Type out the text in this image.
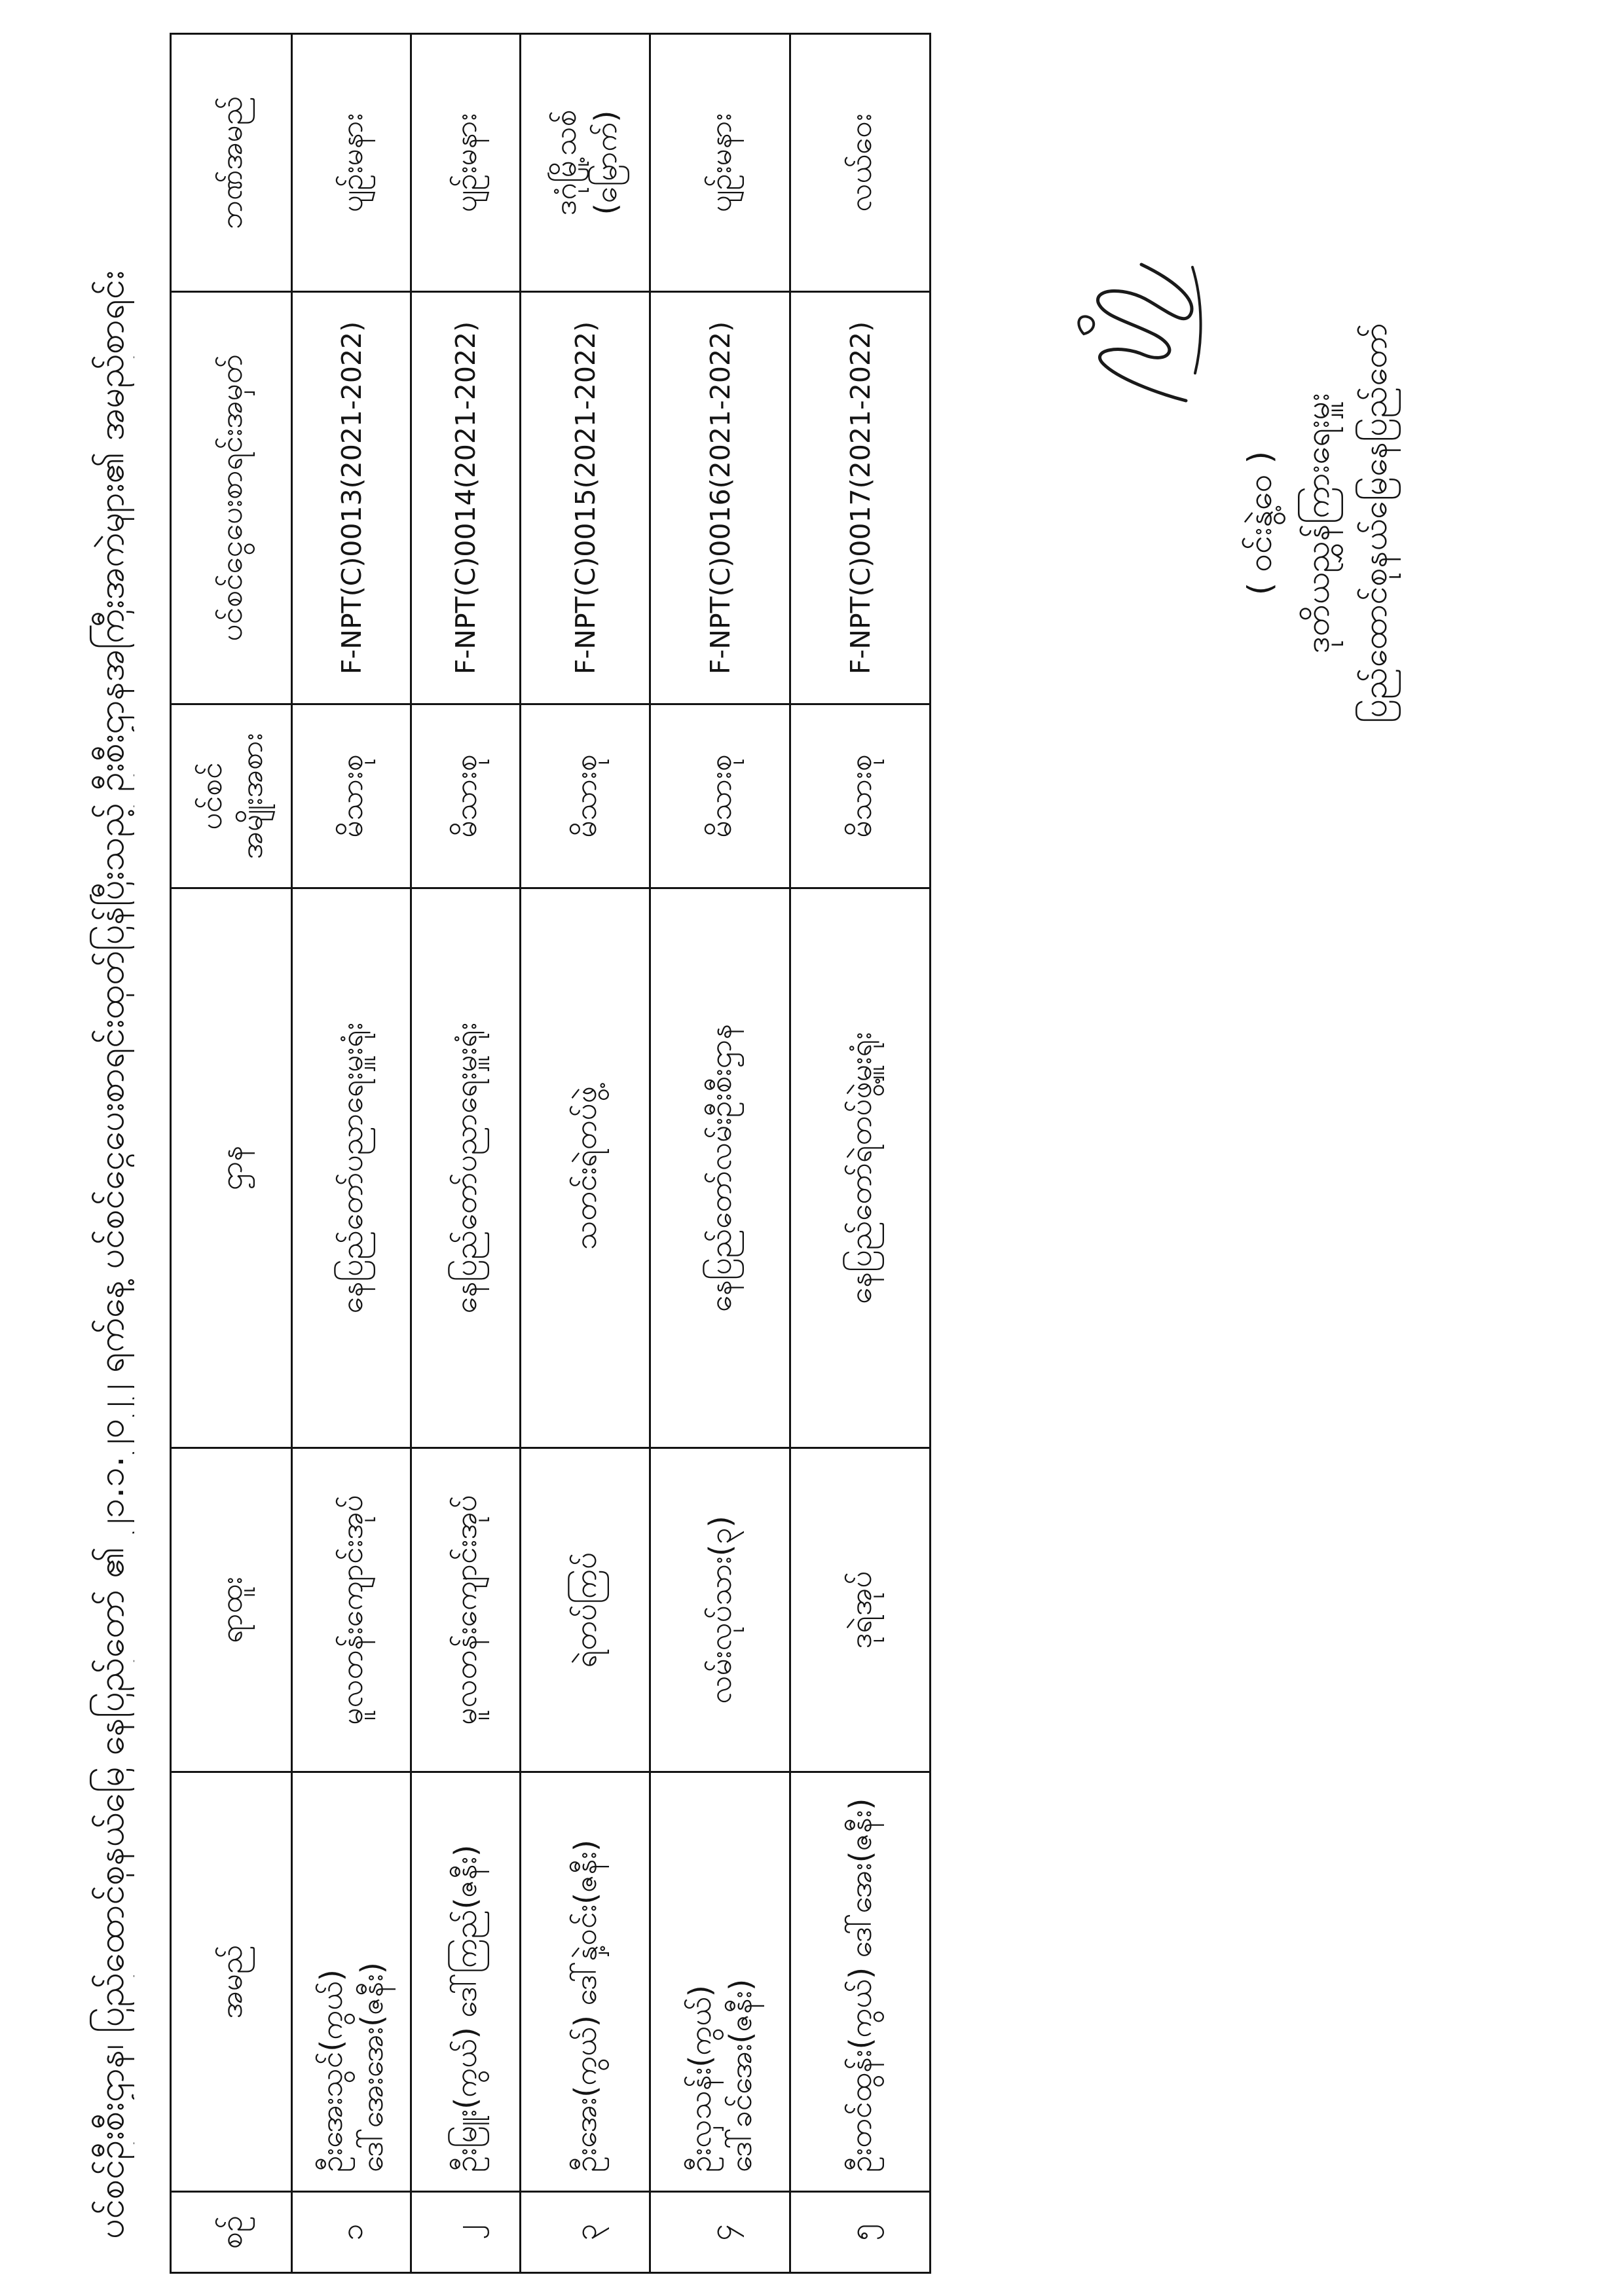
ပင်စင်ဦးစီးဌာန၊ ပြည်ထောင်စုနယ်မြေ နေပြည်တော် ၏ ၂၁.၁.၂၀၂၂ ရက်နေ့ ပင်စင်ငွေပေးစာရင်းထုတ်ပြန်ပြီးသည့် ဦးစီးဌာနအကြီးအကဲများ၏ အမည်စာရင်း	စဉ်	အမည်	ရာထူး	ဌာန	ပင်စင် အမျိုးအစား	ပင်စင်ငွေပေးစာရင်းအမှတ်	ဘဏ်အမည်
၁	ဦးအေးသွင်(ကွယ်) ဒေါ်အေးအေး(ဇနီး)	မူလတန်းကျောင်းအုပ်	နေပြည်တော်ပညာရေးမှူးရုံး	မိသားစု	F-NPT(C)0013(2021-2022)	ပျဉ်းမနား

၂	ဦးမြူး(ကွယ်) ဒေါ်ကြည်(ဇနီး)	မူလတန်းကျောင်းအုပ်	နေပြည်တော်ပညာရေးမှူးရုံး	မိသားစု	F-NPT(C)0014(2021-2022)	ပျဉ်းမနား

၃	ဦးအေး(ကွယ်) ဒေါ်နှဲ့ဝင်း(ဇနီး)	ရဲတပ်ကြပ်	သတင်းရဲတပ်ဖွဲ့	မိသားစု	F-NPT(C)0015(2021-2022)	ဒဂုံမြို့သစ် (မြောက်)

၄	ဦးလှသန်း(ကွယ်) ဒေါ်ခင်အေး(ဇနီး)	လမ်းလုပ်သား(၃)	နေပြည်တော်လမ်းဦးစီးဌာန	မိသားစု	F-NPT(C)0016(2021-2022)	ပျဉ်းမနား

၅	ဦးတင်ထွန်း(ကွယ်) ဒေါ်အေး(ဇနီး)	ဒုရဲအုပ်	နေပြည်တော်ရဲတပ်ဖွဲ့မှူးရုံး	မိသားစု	F-NPT(C)0017(2021-2022)	လယ်ဝေး
( ဝင်းနွဲ့ဝေ ) ဒုတိယညွှန်ကြားရေးမှူး ပြည်ထောင်စုနယ်မြေနေပြည်တော်
